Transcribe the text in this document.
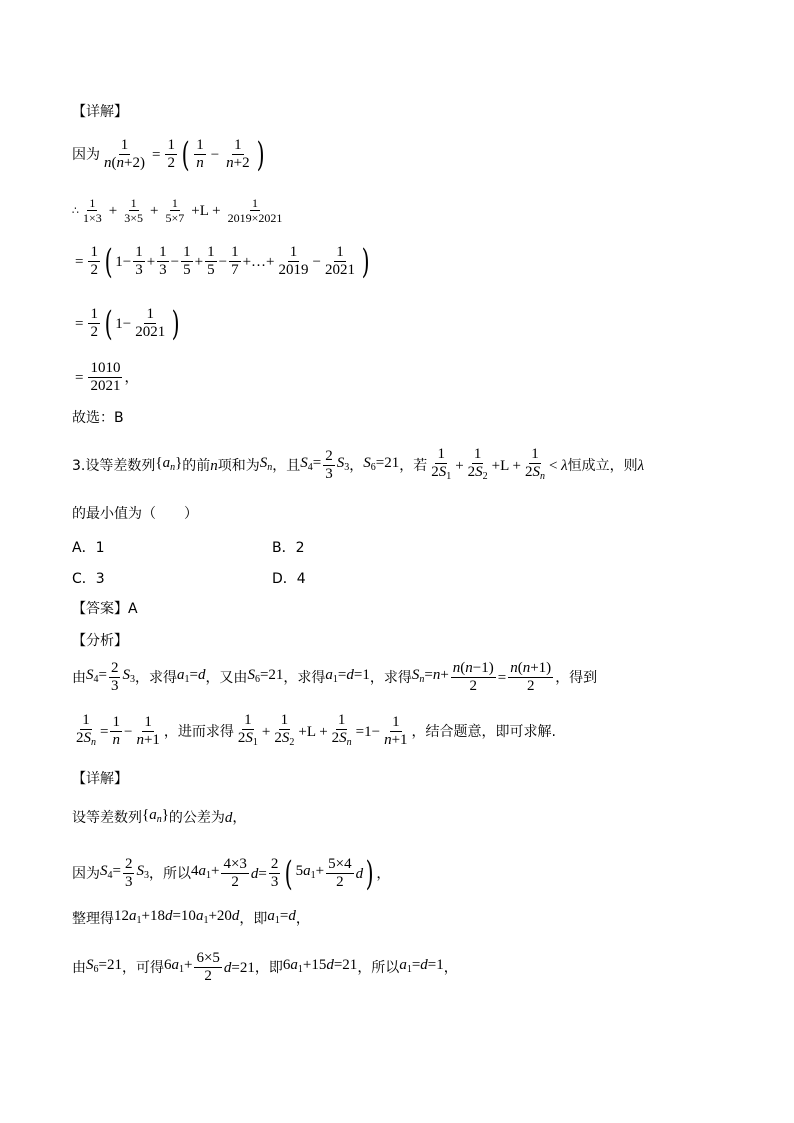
【详解】
因为 $\frac{1}{n(n+2)} = \frac{1}{2}$ ( $\frac{1}{n} - \frac{1}{n+2}$ )
∴ $\frac{1}{1\times 3} + \frac{1}{3\times 5} + \frac{1}{5\times 7} +L + \frac{1}{2019\times 2021}$
= $\frac{1}{2}$ ( $1- \frac{1}{3} + \frac{1}{3} - \frac{1}{5} + \frac{1}{5} - \frac{1}{7}$ +…+ $\frac{1}{2019} - \frac{1}{2021}$ )
= $\frac{1}{2}$ ( $1- \frac{1}{2021}$ )
= $\frac{1010}{2021}$ ，
故选：B
3. 设等差数列 $\{a_n\}$ 的前 n 项和为 $S_n$ ，且 $S_4= \frac{2}{3} S_3$ ， $S_6=21$ ，若 $\frac{1}{2S_1} + \frac{1}{2S_2} +L + \frac{1}{2S_n} < \lambda$ 恒成立，则 λ
的最小值为（　　）
A．1	B．2
C．3	D．4
【答案】A
【分析】
由 $S_4= \frac{2}{3} S_3$ ，求得 $a_1=d$ ，又由 $S_6=21$ ，求得 $a_1=d=1$ ，求得 $S_n=n+ \frac{n(n-1)}{2} = \frac{n(n+1)}{2}$ ，得到
$\frac{1}{2S_n} = \frac{1}{n} - \frac{1}{n+1}$ ，进而求得 $\frac{1}{2S_1} + \frac{1}{2S_2} +L + \frac{1}{2S_n} =1- \frac{1}{n+1}$ ，结合题意，即可求解.
【详解】
设等差数列 $\{a_n\}$ 的公差为 d ，
因为 $S_4= \frac{2}{3} S_3$ ，所以 $4a_1+ \frac{4\times 3}{2} d= \frac{2}{3}$ ( $5a_1+ \frac{5\times 4}{2}$ d ) ，
整理得 $12a_1+18d=10a_1+20d$ ，即 $a_1=d$ ，
由 $S_6=21$ ，可得 $6a_1+ \frac{6\times 5}{2} d=21$ ，即 $6a_1+15d=21$ ，所以 $a_1=d=1$ ，
